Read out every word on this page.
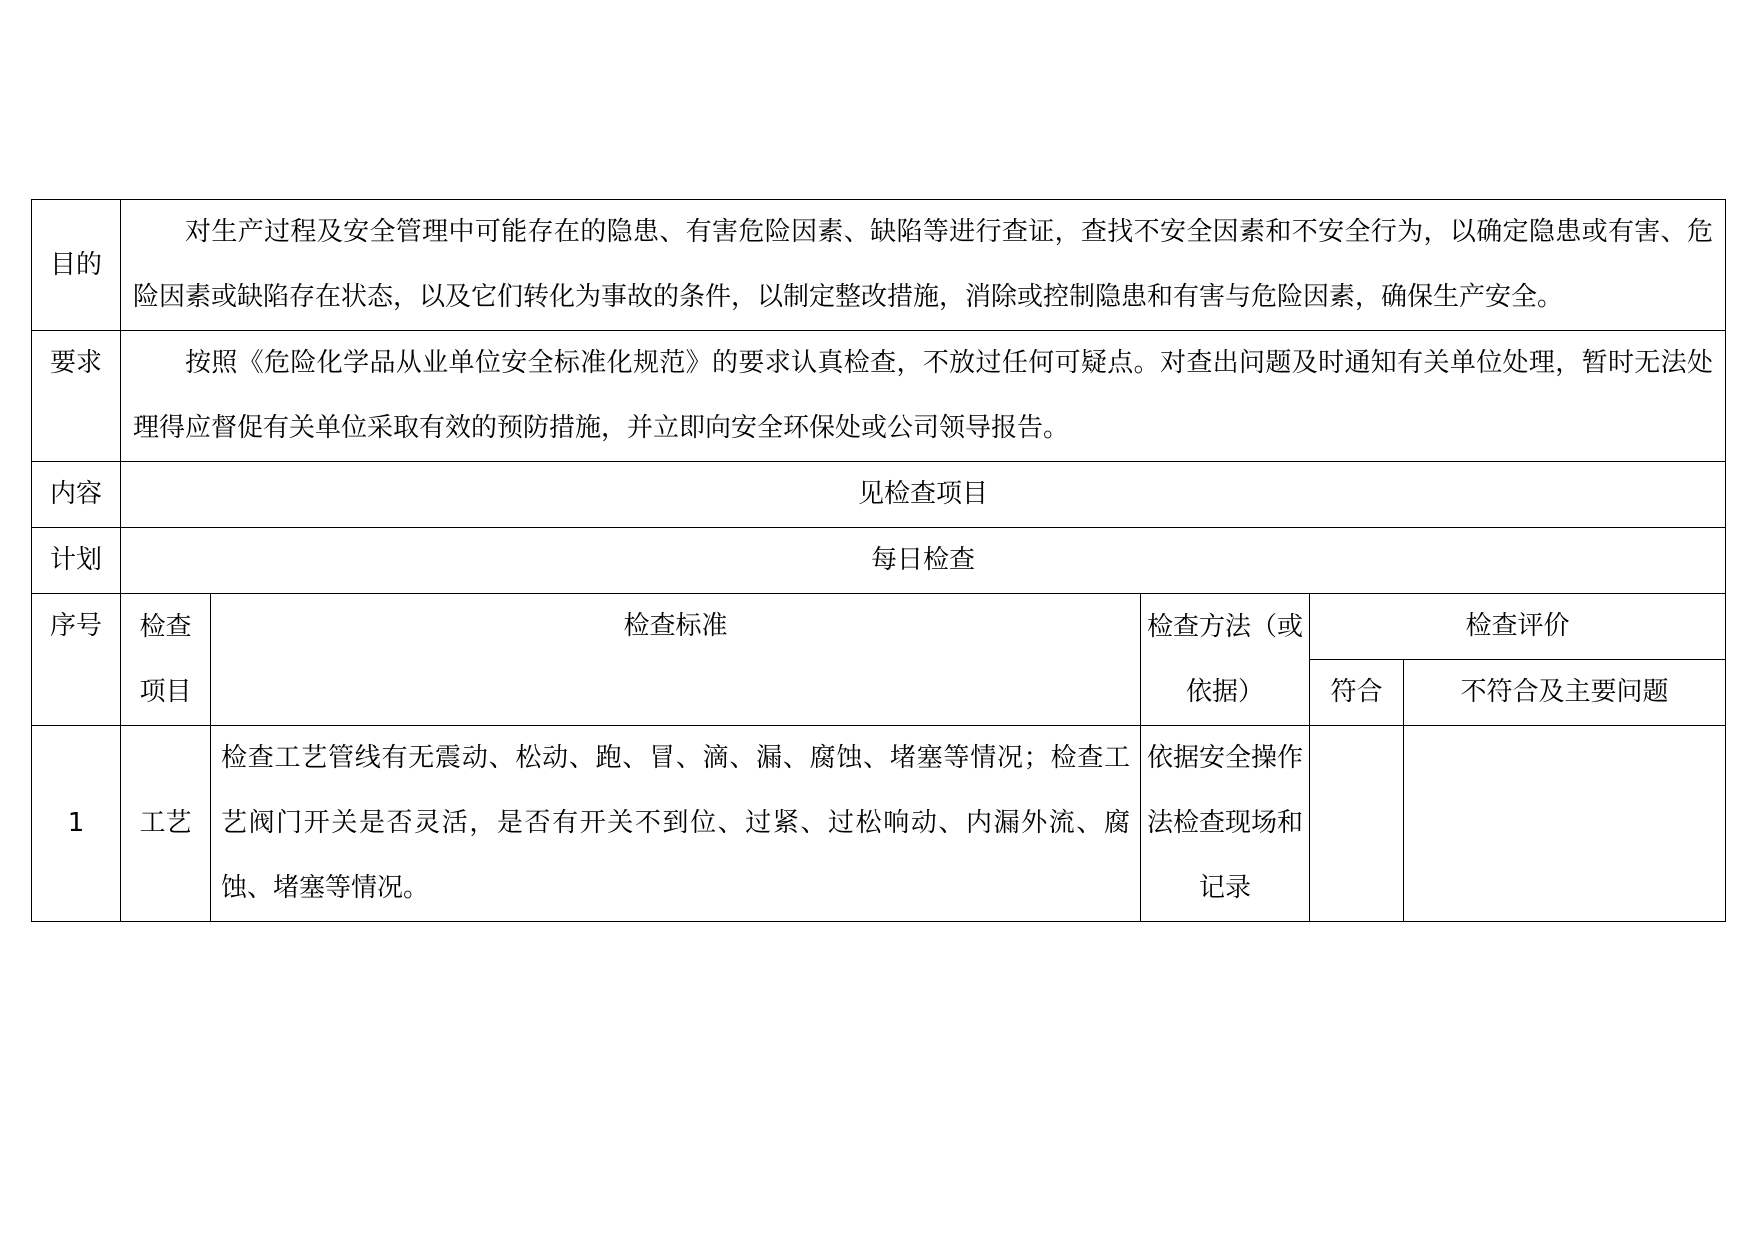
目的	对生产过程及安全管理中可能存在的隐患、有害危险因素、缺陷等进行查证，查找不安全因素和不安全行为，以确定隐患或有害、危险因素或缺陷存在状态，以及它们转化为事故的条件，以制定整改措施，消除或控制隐患和有害与危险因素，确保生产安全。				
要求	按照《危险化学品从业单位安全标准化规范》的要求认真检查，不放过任何可疑点。对查出问题及时通知有关单位处理，暂时无法处理得应督促有关单位采取有效的预防措施，并立即向安全环保处或公司领导报告。				
内容	见检查项目				
计划	每日检查				
序号	检查项目	检查标准	检查方法（或依据）	检查评价	
				符合	不符合及主要问题
1	工艺	检查工艺管线有无震动、松动、跑、冒、滴、漏、腐蚀、堵塞等情况；检查工艺阀门开关是否灵活，是否有开关不到位、过紧、过松响动、内漏外流、腐蚀、堵塞等情况。	依据安全操作法检查现场和记录		
